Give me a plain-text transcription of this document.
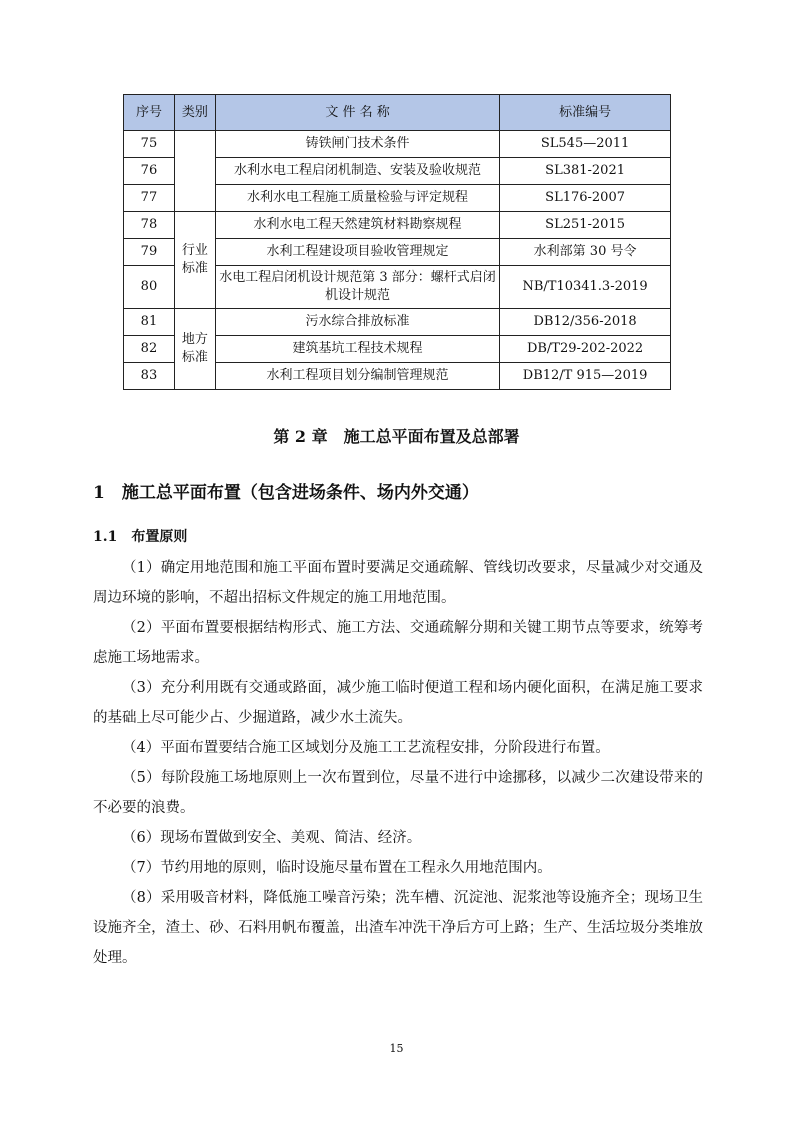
序号	类别	文 件 名 称	标准编号
75		铸铁闸门技术条件	SL545—2011
76		水利水电工程启闭机制造、安装及验收规范	SL381-2021
77		水利水电工程施工质量检验与评定规程	SL176-2007
78	行业标准	水利水电工程天然建筑材料勘察规程	SL251-2015
79		水利工程建设项目验收管理规定	水利部第 30 号令
80		水电工程启闭机设计规范第 3 部分：螺杆式启闭机设计规范	NB/T10341.3-2019
81	地方标准	污水综合排放标准	DB12/356-2018
82		建筑基坑工程技术规程	DB/T29-202-2022
83		水利工程项目划分编制管理规范	DB12/T 915—2019
第 2 章　施工总平面布置及总部署
1　施工总平面布置（包含进场条件、场内外交通）
1.1　布置原则

（1）确定用地范围和施工平面布置时要满足交通疏解、管线切改要求，尽量减少对交通及周边环境的影响，不超出招标文件规定的施工用地范围。

（2）平面布置要根据结构形式、施工方法、交通疏解分期和关键工期节点等要求，统筹考虑施工场地需求。

（3）充分利用既有交通或路面，减少施工临时便道工程和场内硬化面积，在满足施工要求的基础上尽可能少占、少掘道路，减少水土流失。

（4）平面布置要结合施工区域划分及施工工艺流程安排，分阶段进行布置。

（5）每阶段施工场地原则上一次布置到位，尽量不进行中途挪移，以减少二次建设带来的不必要的浪费。

（6）现场布置做到安全、美观、简洁、经济。

（7）节约用地的原则，临时设施尽量布置在工程永久用地范围内。

（8）采用吸音材料，降低施工噪音污染；洗车槽、沉淀池、泥浆池等设施齐全；现场卫生设施齐全，渣土、砂、石料用帆布覆盖，出渣车冲洗干净后方可上路；生产、生活垃圾分类堆放处理。

15
